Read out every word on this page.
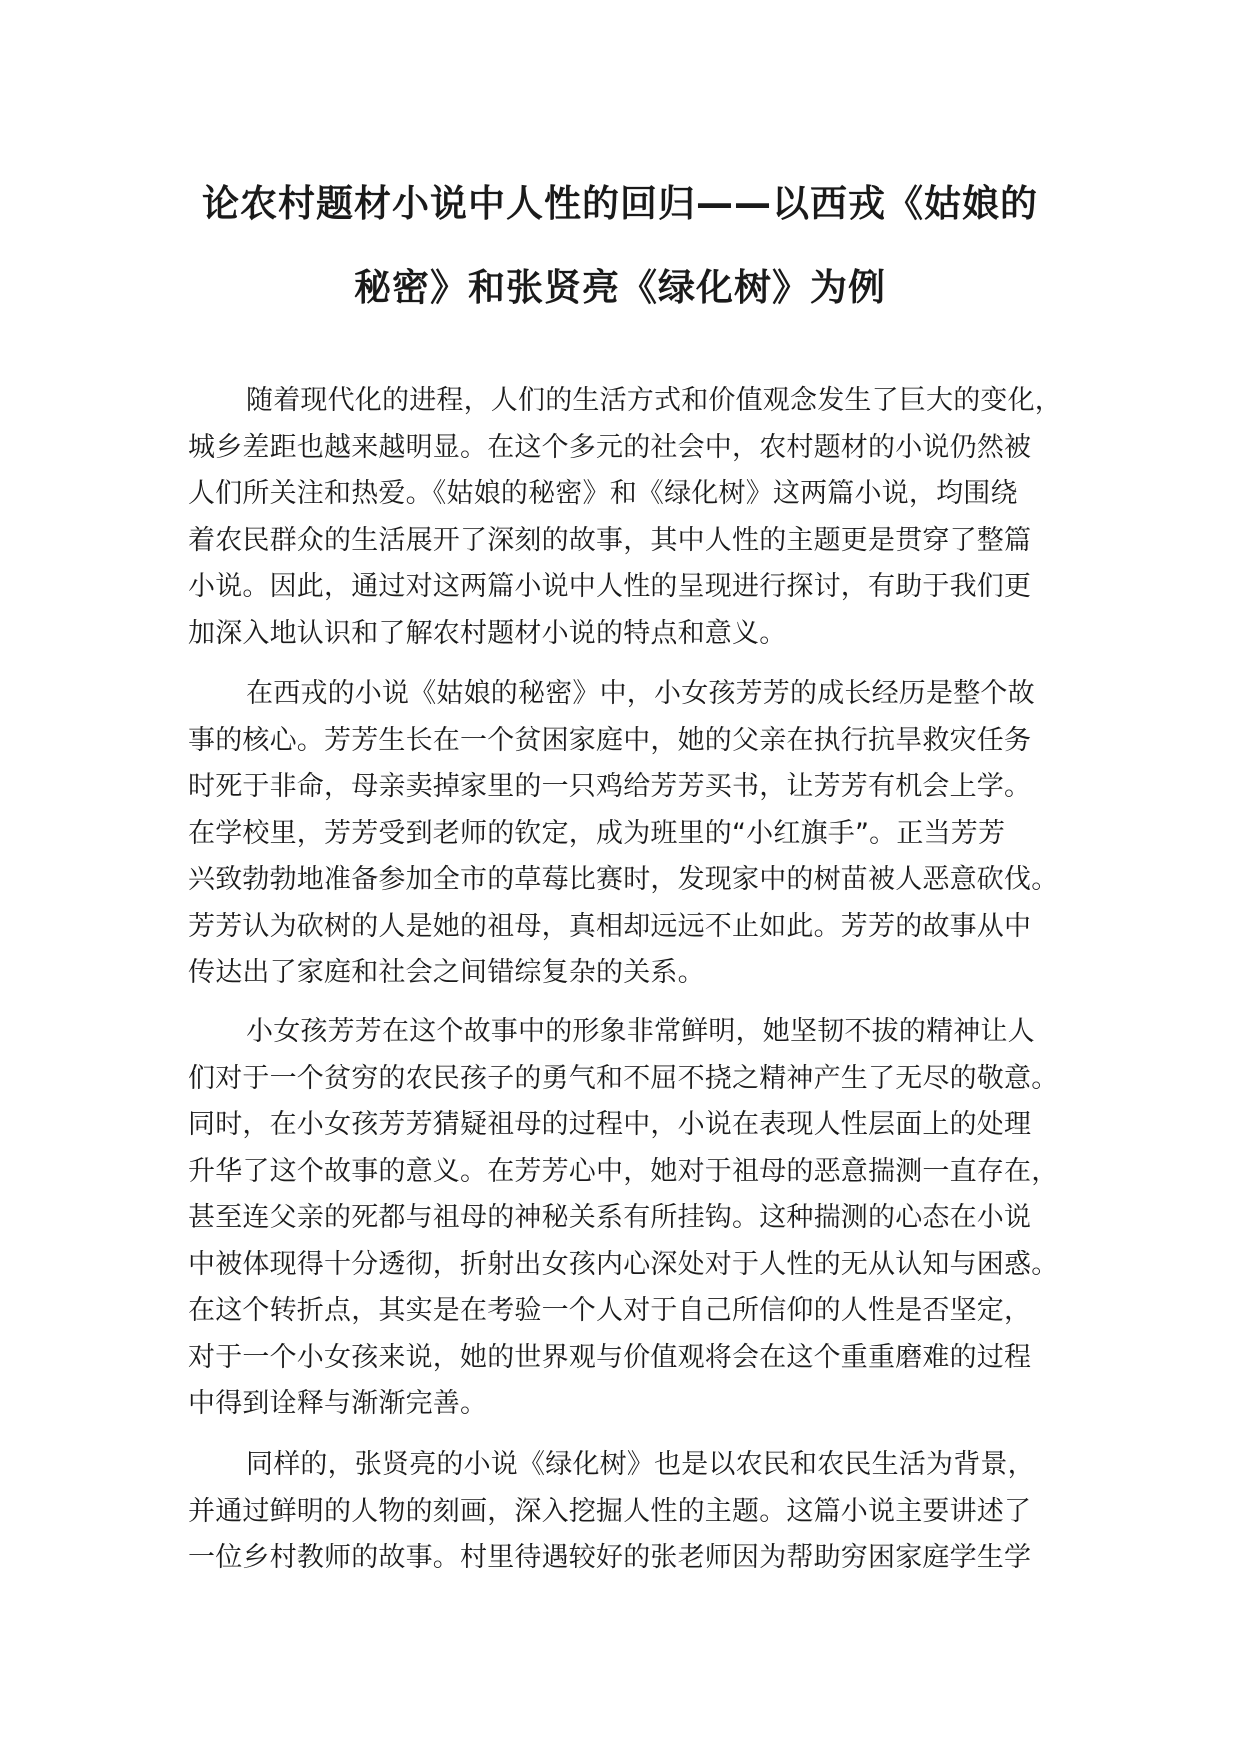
论农村题材小说中人性的回归——以西戎《姑娘的
秘密》和张贤亮《绿化树》为例
随着现代化的进程，人们的生活方式和价值观念发生了巨大的变化，
城乡差距也越来越明显。在这个多元的社会中，农村题材的小说仍然被
人们所关注和热爱。《姑娘的秘密》和《绿化树》这两篇小说，均围绕
着农民群众的生活展开了深刻的故事，其中人性的主题更是贯穿了整篇
小说。因此，通过对这两篇小说中人性的呈现进行探讨，有助于我们更
加深入地认识和了解农村题材小说的特点和意义。
在西戎的小说《姑娘的秘密》中，小女孩芳芳的成长经历是整个故
事的核心。芳芳生长在一个贫困家庭中，她的父亲在执行抗旱救灾任务
时死于非命，母亲卖掉家里的一只鸡给芳芳买书，让芳芳有机会上学。
在学校里，芳芳受到老师的钦定，成为班里的“小红旗手”。正当芳芳
兴致勃勃地准备参加全市的草莓比赛时，发现家中的树苗被人恶意砍伐。
芳芳认为砍树的人是她的祖母，真相却远远不止如此。芳芳的故事从中
传达出了家庭和社会之间错综复杂的关系。
小女孩芳芳在这个故事中的形象非常鲜明，她坚韧不拔的精神让人
们对于一个贫穷的农民孩子的勇气和不屈不挠之精神产生了无尽的敬意。
同时，在小女孩芳芳猜疑祖母的过程中，小说在表现人性层面上的处理
升华了这个故事的意义。在芳芳心中，她对于祖母的恶意揣测一直存在，
甚至连父亲的死都与祖母的神秘关系有所挂钩。这种揣测的心态在小说
中被体现得十分透彻，折射出女孩内心深处对于人性的无从认知与困惑。
在这个转折点，其实是在考验一个人对于自己所信仰的人性是否坚定，
对于一个小女孩来说，她的世界观与价值观将会在这个重重磨难的过程
中得到诠释与渐渐完善。
同样的，张贤亮的小说《绿化树》也是以农民和农民生活为背景，
并通过鲜明的人物的刻画，深入挖掘人性的主题。这篇小说主要讲述了
一位乡村教师的故事。村里待遇较好的张老师因为帮助穷困家庭学生学
